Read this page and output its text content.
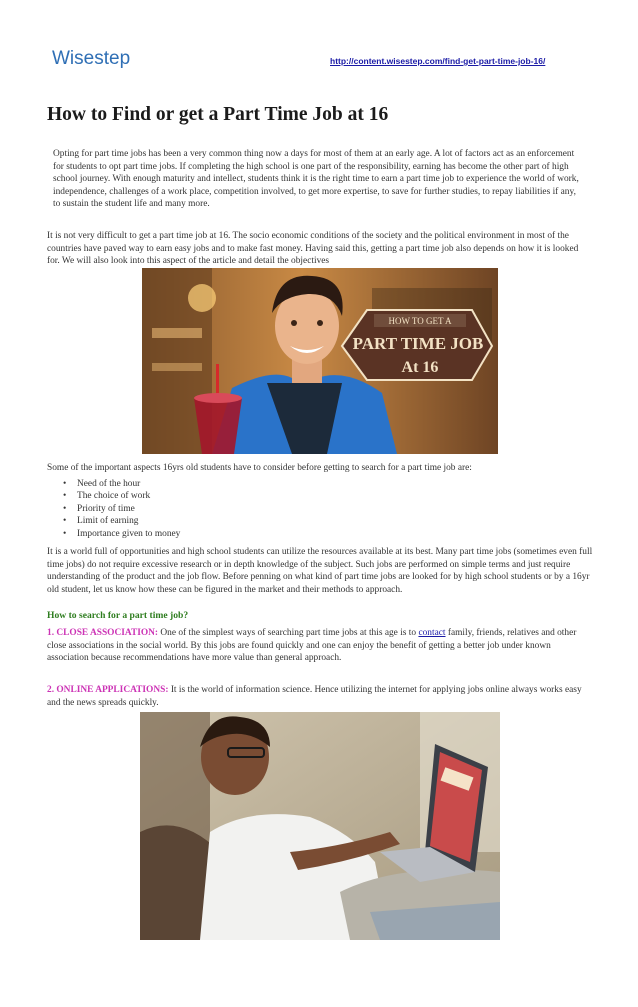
Wisestep	http://content.wisestep.com/find-get-part-time-job-16/
How to Find or get a Part Time Job at 16

Opting for part time jobs has been a very common thing now a days for most of them at an early age. A lot of factors act as an enforcement for students to opt part time jobs. If completing the high school is one part of the responsibility, earning has become the other part of high school journey. With enough maturity and intellect, students think it is the right time to earn a part time job to experience the world of work, independence, challenges of a work place, competition involved, to get more expertise, to save for further studies, to repay liabilities if any, to sustain the student life and many more.

It is not very difficult to get a part time job at 16. The socio economic conditions of the society and the political environment in most of the countries have paved way to earn easy jobs and to make fast money. Having said this, getting a part time job also depends on how it is looked for. We will also look into this aspect of the article and detail the objectives

HOW TO GET A
PART TIME JOB
At 16

Some of the important aspects 16yrs old students have to consider before getting to search for a part time job are:

• Need of the hour
• The choice of work
• Priority of time
• Limit of earning
• Importance given to money

It is a world full of opportunities and high school students can utilize the resources available at its best. Many part time jobs (sometimes even full time jobs) do not require excessive research or in depth knowledge of the subject. Such jobs are performed on simple terms and just require understanding of the product and the job flow. Before penning on what kind of part time jobs are looked for by high school students or by a 16yr old student, let us know how these can be figured in the market and their methods to approach.

How to search for a part time job?

1. CLOSE ASSOCIATION: One of the simplest ways of searching part time jobs at this age is to contact family, friends, relatives and other close associations in the social world. By this jobs are found quickly and one can enjoy the benefit of getting a better job under known association because recommendations have more value than general approach.

2. ONLINE APPLICATIONS: It is the world of information science. Hence utilizing the internet for applying jobs online always works easy and the news spreads quickly.
